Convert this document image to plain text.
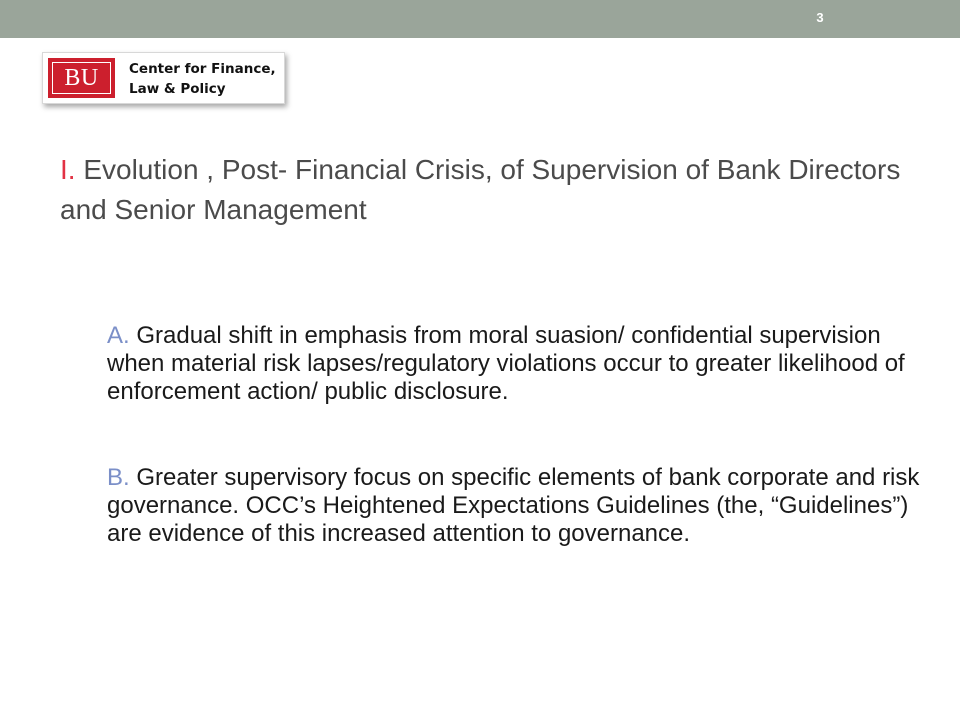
3
BU	Center for Finance,
Law & Policy
I. Evolution , Post- Financial Crisis, of Supervision of Bank Directors and Senior Management

A. Gradual shift in emphasis from moral suasion/ confidential supervision when material risk lapses/regulatory violations occur to greater likelihood of enforcement action/ public disclosure.

B. Greater supervisory focus on specific elements of bank corporate and risk governance. OCC’s Heightened Expectations Guidelines (the, “Guidelines”) are evidence of this increased attention to governance.
